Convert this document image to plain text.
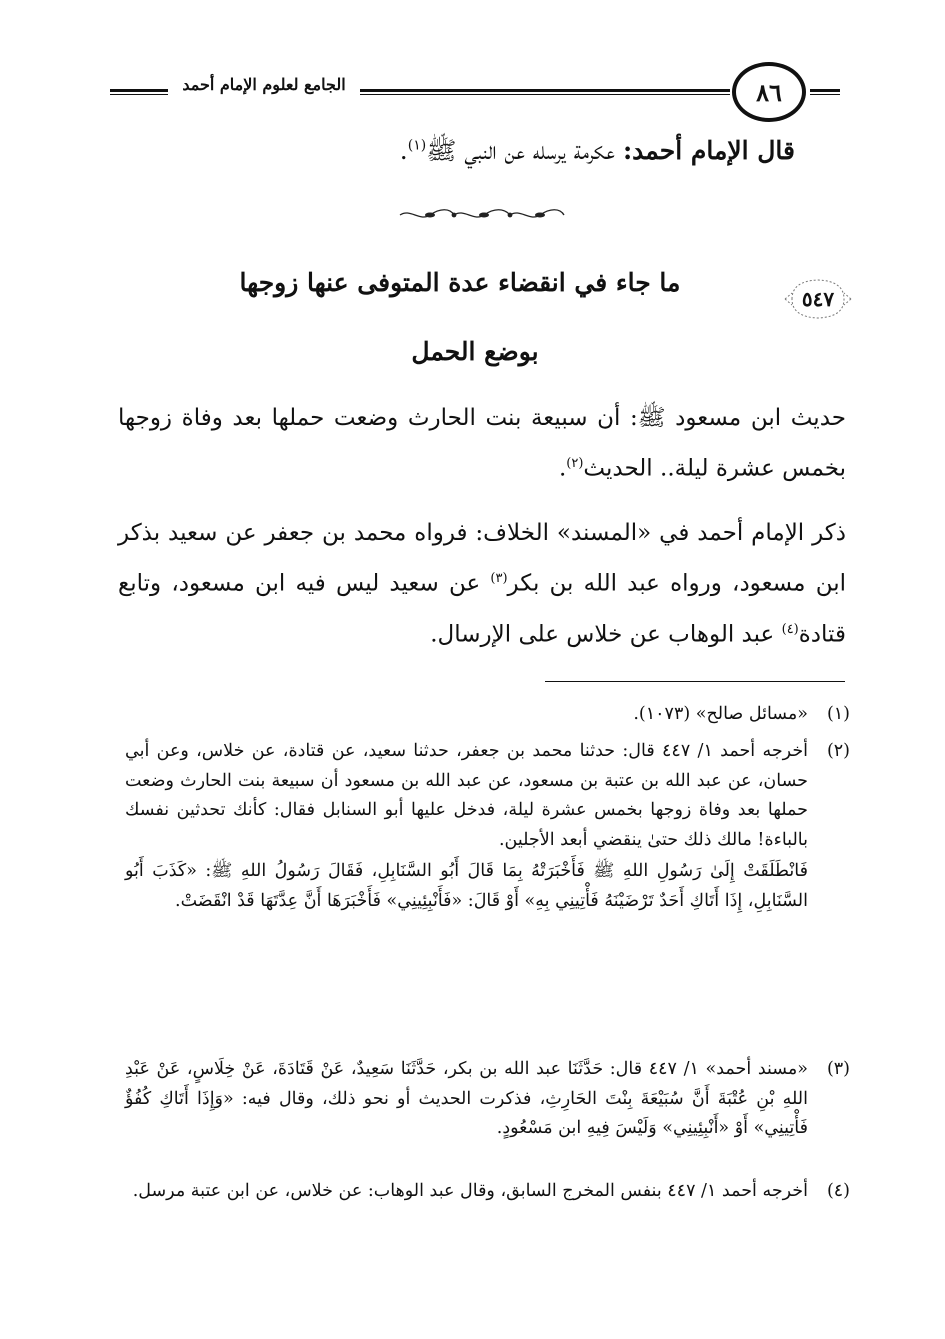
الجامع لعلوم الإمام أحمد	٨٦
قال الإمام أحمد: عكرمة يرسله عن النبي ﷺ$^{(١)}$.
٥٤٧
ما جاء في انقضاء عدة المتوفى عنها زوجها
بوضع الحمل
حديث ابن مسعود ﷺ: أن سبيعة بنت الحارث وضعت حملها بعد وفاة زوجها بخمس عشرة ليلة.. الحديث$^{(٢)}$.
ذكر الإمام أحمد في «المسند» الخلاف: فرواه محمد بن جعفر عن سعيد بذكر ابن مسعود، ورواه عبد الله بن بكر$^{(٣)}$ عن سعيد ليس فيه ابن مسعود، وتابع قتادة$^{(٤)}$ عبد الوهاب عن خلاس على الإرسال.
(١)
«مسائل صالح» (١٠٧٣).
(٢)
أخرجه أحمد ١/ ٤٤٧ قال: حدثنا محمد بن جعفر، حدثنا سعيد، عن قتادة، عن خلاس، وعن أبي حسان، عن عبد الله بن عتبة بن مسعود، عن عبد الله بن مسعود أن سبيعة بنت الحارث وضعت حملها بعد وفاة زوجها بخمس عشرة ليلة، فدخل عليها أبو السنابل فقال: كأنك تحدثين نفسك بالباءة! مالك ذلك حتىٰ ينقضي أبعد الأجلين.
فَانْطَلَقَتْ إِلَىٰ رَسُولِ اللهِ ﷺ فَأَخْبَرَتْهُ بِمَا قَالَ أَبُو السَّنَابِلِ، فَقَالَ رَسُولُ اللهِ ﷺ: «كَذَبَ أَبُو السَّنَابِلِ، إِذَا أَتَاكِ أَحَدٌ تَرْضَيْنَهُ فَأْتِينِي بِهِ» أَوْ قَالَ: «فَأَنْبِئِينِي» فَأَخْبَرَهَا أَنَّ عِدَّتَهَا قَدْ انْقَضَتْ.
(٣)
«مسند أحمد» ١/ ٤٤٧ قال: حَدَّثَنَا عبد الله بن بكر، حَدَّثَنَا سَعِيدٌ، عَنْ قَتَادَةَ، عَنْ خِلَاسٍ، عَنْ عَبْدِ اللهِ بْنِ عُتْبَةَ أَنَّ سُبَيْعَةَ بِنْتَ الحَارِثِ، فذكرت الحديث أو نحو ذلك، وقال فيه: «وَإِذَا أَتَاكِ كُفُؤٌ فَأْتِينِي» أَوْ «أَنْبِئِينِي» وَلَيْسَ فِيهِ ابن مَسْعُودٍ.
(٤)
أخرجه أحمد ١/ ٤٤٧ بنفس المخرج السابق، وقال عبد الوهاب: عن خلاس، عن ابن عتبة مرسل.
